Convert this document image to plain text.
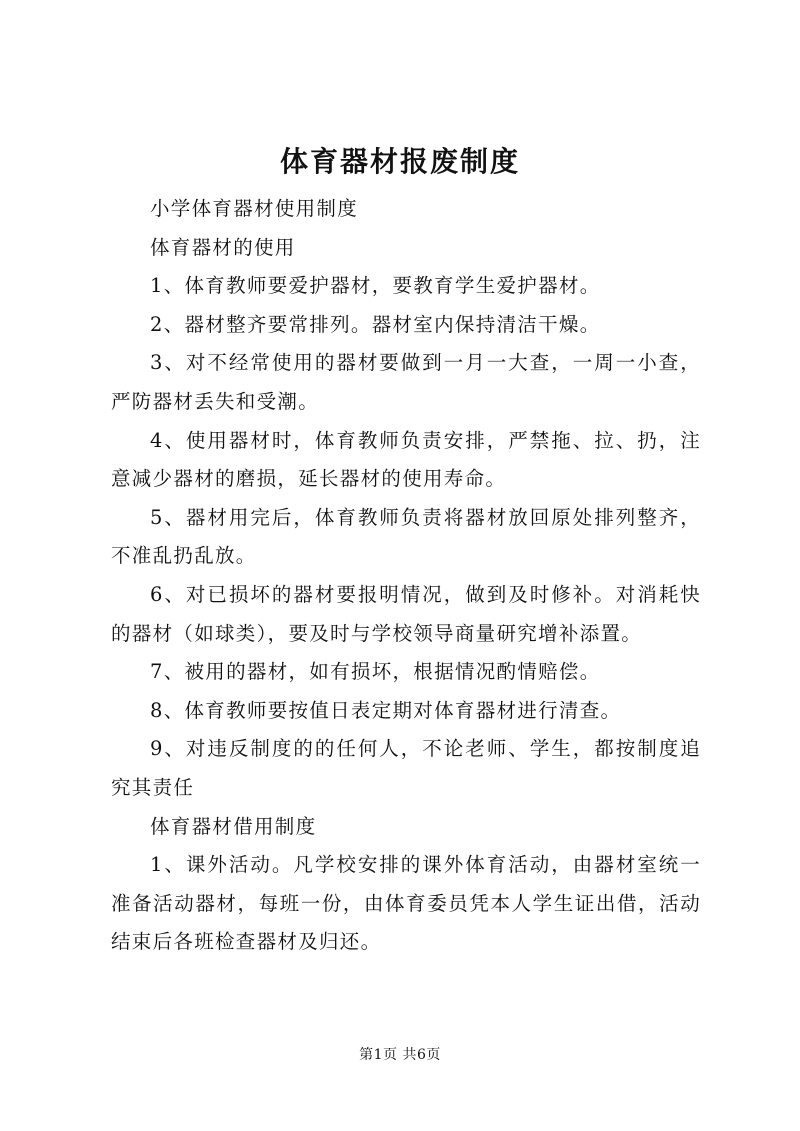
体育器材报废制度

小学体育器材使用制度

体育器材的使用

1、体育教师要爱护器材，要教育学生爱护器材。

2、器材整齐要常排列。器材室内保持清洁干燥。

3、对不经常使用的器材要做到一月一大查，一周一小查，严防器材丢失和受潮。

4、使用器材时，体育教师负责安排，严禁拖、拉、扔，注意减少器材的磨损，延长器材的使用寿命。

5、器材用完后，体育教师负责将器材放回原处排列整齐，不准乱扔乱放。

6、对已损坏的器材要报明情况，做到及时修补。对消耗快的器材（如球类），要及时与学校领导商量研究增补添置。

7、被用的器材，如有损坏，根据情况酌情赔偿。

8、体育教师要按值日表定期对体育器材进行清查。

9、对违反制度的的任何人，不论老师、学生，都按制度追究其责任

体育器材借用制度

1、课外活动。凡学校安排的课外体育活动，由器材室统一准备活动器材，每班一份，由体育委员凭本人学生证出借，活动结束后各班检查器材及归还。

第1页 共6页
